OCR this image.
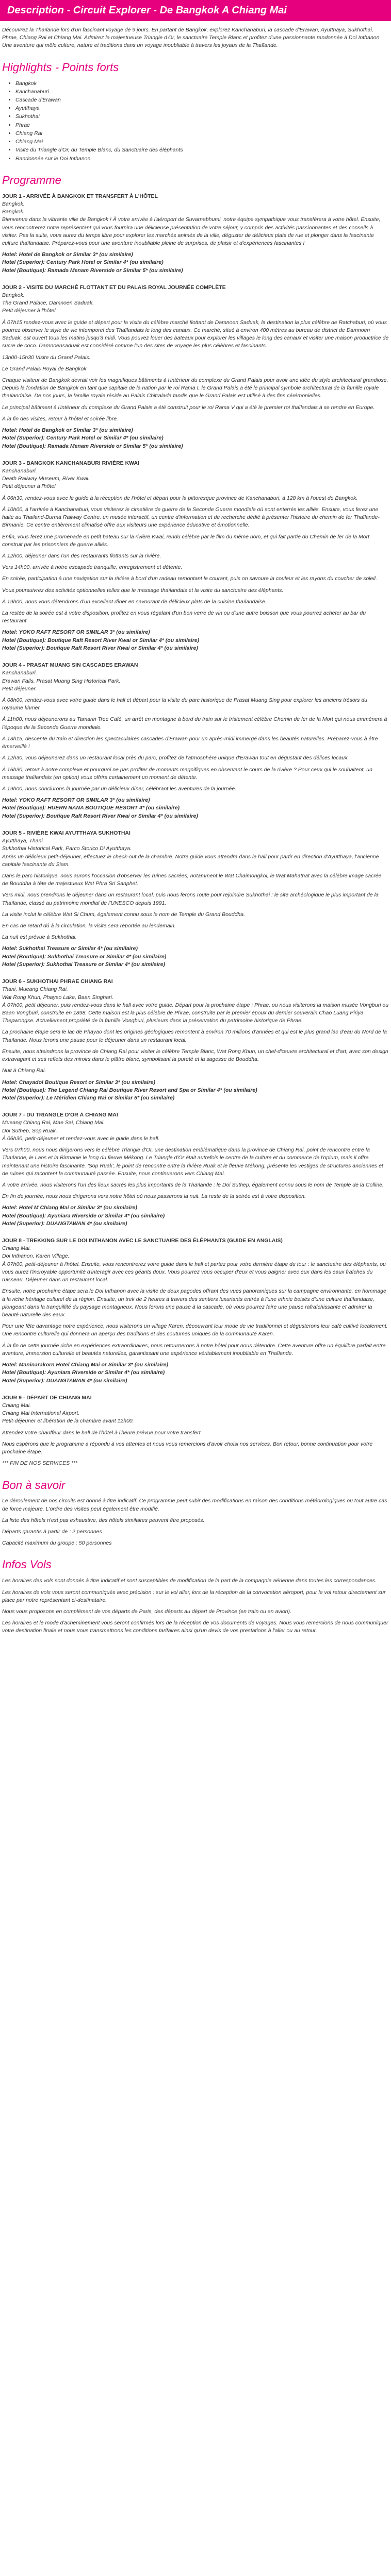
Description - Circuit Explorer - De Bangkok A Chiang Mai

Découvrez la Thaïlande lors d'un fascinant voyage de 9 jours. En partant de Bangkok, explorez Kanchanaburi, la cascade d'Erawan, Ayutthaya, Sukhothai, Phrae, Chiang Rai et Chiang Mai. Admirez la majestueuse Triangle d'Or, le sanctuaire Temple Blanc et profitez d'une passionnante randonnée à Doi Inthanon. Une aventure qui mêle culture, nature et traditions dans un voyage inoubliable à travers les joyaux de la Thaïlande.

Highlights - Points forts
• Bangkok
• Kanchanaburi
• Cascade d'Erawan
• Ayutthaya
• Sukhothai
• Phrae
• Chiang Rai
• Chiang Mai
• Visite du Triangle d'Or, du Temple Blanc, du Sanctuaire des éléphants
• Randonnée sur le Doi Inthanon
Programme

JOUR 1 - ARRIVÉE À BANGKOK ET TRANSFERT À L'HÔTEL

Bangkok.

Bangkok.

Bienvenue dans la vibrante ville de Bangkok ! À votre arrivée à l'aéroport de Suvarnabhumi, notre équipe sympathique vous transférera à votre hôtel. Ensuite, vous rencontrerez notre représentant qui vous fournira une délicieuse présentation de votre séjour, y compris des activités passionnantes et des conseils à visiter. Pas la suite, vous aurez du temps libre pour explorer les marchés animés de la ville, déguster de délicieux plats de rue et plonger dans la fascinante culture thaïlandaise. Préparez-vous pour une aventure inoubliable pleine de surprises, de plaisir et d'expériences fascinantes !

Hotel: Hotel de Bangkok or Similar 3* (ou similaire)
Hotel (Superior): Century Park Hotel or Similar 4* (ou similaire)
Hotel (Boutique): Ramada Menam Riverside or Similar 5* (ou similaire)

JOUR 2 - VISITE DU MARCHÉ FLOTTANT ET DU PALAIS ROYAL JOURNÉE COMPLÈTE

Bangkok.

The Grand Palace, Damnoen Saduak.

Petit déjeuner à l'hôtel

À 07h15 rendez-vous avec le guide et départ pour la visite du célèbre marché flottant de Damnoen Saduak, la destination la plus célèbre de Ratchaburi, où vous pourrez observer le style de vie intemporel des Thaïlandais le long des canaux. Ce marché, situé à environ 400 mètres au bureau de district de Damnoen Saduak, est ouvert tous les matins jusqu'à midi. Vous pouvez louer des bateaux pour explorer les villages le long des canaux et visiter une maison productrice de sucre de coco. Damnoensaduak est considéré comme l'un des sites de voyage les plus célèbres et fascinants.

13h00-15h30 Visite du Grand Palais.

Le Grand Palais Royal de Bangkok

Chaque visiteur de Bangkok devrait voir les magnifiques bâtiments à l'intérieur du complexe du Grand Palais pour avoir une idée du style architectural grandiose. Depuis la fondation de Bangkok en tant que capitale de la nation par le roi Rama I, le Grand Palais a été le principal symbole architectural de la famille royale thaïlandaise. De nos jours, la famille royale réside au Palais Chitralada tandis que le Grand Palais est utilisé à des fins cérémonielles.

Le principal bâtiment à l'intérieur du complexe du Grand Palais a été construit pour le roi Rama V qui a été le premier roi thaïlandais à se rendre en Europe.

À la fin des visites, retour à l'hôtel et soirée libre.

Hotel: Hotel de Bangkok or Similar 3* (ou similaire)
Hotel (Superior): Century Park Hotel or Similar 4* (ou similaire)
Hotel (Boutique): Ramada Menam Riverside or Similar 5* (ou similaire)

JOUR 3 - BANGKOK KANCHANABURI RIVIÈRE KWAI

Kanchanaburi.

Death Railway Museum, River Kwai.

Petit déjeuner à l'hôtel

À 06h30, rendez-vous avec le guide à la réception de l'hôtel et départ pour la pittoresque province de Kanchanaburi, à 128 km à l'ouest de Bangkok.

À 10h00, à l'arrivée à Kanchanaburi, vous visiterez le cimetière de guerre de la Seconde Guerre mondiale où sont enterrés les alliés. Ensuite, vous ferez une halte au Thailand-Burma Railway Centre, un musée interactif, un centre d'information et de recherche dédié à présenter l'histoire du chemin de fer Thaïlande-Birmanie. Ce centre entièrement climatisé offre aux visiteurs une expérience éducative et émotionnelle.

Enfin, vous ferez une promenade en petit bateau sur la rivière Kwai, rendu célèbre par le film du même nom, et qui fait partie du Chemin de fer de la Mort construit par les prisonniers de guerre alliés.

À 12h00, déjeuner dans l'un des restaurants flottants sur la rivière.

Vers 14h00, arrivée à notre escapade tranquille, enregistrement et détente.

En soirée, participation à une navigation sur la rivière à bord d'un radeau remontant le courant, puis on savoure la couleur et les rayons du coucher de soleil.

Vous poursuivrez des activités optionnelles telles que le massage thaïlandais et la visite du sanctuaire des éléphants.

À 19h00, nous vous détendrons d'un excellent dîner en savourant de délicieux plats de la cuisine thaïlandaise.

La restée de la soirée est à votre disposition, profitez en vous régalant d'un bon verre de vin ou d'une autre boisson que vous pourrez acheter au bar du restaurant.

Hotel: YOKO RAFT RESORT OR SIMILAR 3* (ou similaire)
Hotel (Boutique): Boutique Raft Resort River Kwai or Similar 4* (ou similaire)
Hotel (Superior): Boutique Raft Resort River Kwai or Similar 4* (ou similaire)

JOUR 4 - PRASAT MUANG SIN CASCADES ERAWAN

Kanchanaburi.

Erawan Falls, Prasat Muang Sing Historical Park.

Petit déjeuner.

À 08h00, rendez-vous avec votre guide dans le hall et départ pour la visite du parc historique de Prasat Muang Sing pour explorer les anciens trésors du royaume khmer.

À 11h00, nous déjeunerons au Tamarin Tree Café, un arrêt en montagne à bord du train sur le tristement célèbre Chemin de fer de la Mort qui nous emmènera à l'époque de la Seconde Guerre mondiale.

À 13h15, descente du train et direction les spectaculaires cascades d'Erawan pour un après-midi immergé dans les beautés naturelles. Préparez-vous à être émerveillé !

À 12h30, vous déjeunerez dans un restaurant local près du parc, profitez de l'atmosphère unique d'Erawan tout en dégustant des délices locaux.

À 16h30, retour à notre complexe et pourquoi ne pas profiter de moments magnifiques en observant le cours de la rivière ? Pour ceux qui le souhaitent, un massage thaïlandais (en option) vous offrira certainement un moment de détente.

À 19h00, nous conclurons la journée par un délicieux dîner, célébrant les aventures de la journée.

Hotel: YOKO RAFT RESORT OR SIMILAR 3* (ou similaire)
Hotel (Boutique): HUERN NANA BOUTIQUE RESORT 4* (ou similaire)
Hotel (Superior): Boutique Raft Resort River Kwai or Similar 4* (ou similaire)

JOUR 5 - RIVIÈRE KWAI AYUTTHAYA SUKHOTHAI

Ayutthaya, Thani.

Sukhothai Historical Park, Parco Storico Di Ayutthaya.

Après un délicieux petit-déjeuner, effectuez le check-out de la chambre. Notre guide vous attendra dans le hall pour partir en direction d'Ayutthaya, l'ancienne capitale fascinante du Siam.

Dans le parc historique, nous aurons l'occasion d'observer les ruines sacrées, notamment le Wat Chaimongkol, le Wat Mahathat avec la célèbre image sacrée de Bouddha à tête de majestueux Wat Phra Sri Sanphet.

Vers midi, nous prendrons le déjeuner dans un restaurant local, puis nous ferons route pour rejoindre Sukhothai : le site archéologique le plus important de la Thaïlande, classé au patrimoine mondial de l'UNESCO depuis 1991.

La visite inclut le célèbre Wat Si Chum, également connu sous le nom de Temple du Grand Bouddha.

En cas de retard dû à la circulation, la visite sera reportée au lendemain.

La nuit est prévue à Sukhothai.

Hotel: Sukhothai Treasure or Similar 4* (ou similaire)
Hotel (Boutique): Sukhothai Treasure or Similar 4* (ou similaire)
Hotel (Superior): Sukhothai Treasure or Similar 4* (ou similaire)

JOUR 6 - SUKHOTHAI PHRAE CHIANG RAI

Thani, Mueang Chiang Rai.

Wat Rong Khun, Phayao Lake, Baan Singhari.

À 07h00, petit déjeuner, puis rendez-vous dans le hall avec votre guide. Départ pour la prochaine étape : Phrae, ou nous visiterons la maison musée Vongburi ou Baan Vongburi, construite en 1898. Cette maison est la plus célèbre de Phrae, construite par le premier époux du dernier souverain Chao Luang Piriya Thepwongse. Actuellement propriété de la famille Vongburi, plusieurs dans la préservation du patrimoine historique de Phrae.

La prochaine étape sera le lac de Phayao dont les origines géologiques remontent à environ 70 millions d'années et qui est le plus grand lac d'eau du Nord de la Thaïlande. Nous ferons une pause pour le déjeuner dans un restaurant local.

Ensuite, nous atteindrons la province de Chiang Rai pour visiter le célèbre Temple Blanc, Wat Rong Khun, un chef-d'œuvre architectural et d'art, avec son design extravagant et ses reflets des miroirs dans le plâtre blanc, symbolisant la pureté et la sagesse de Bouddha.

Nuit à Chiang Rai.

Hotel: Chayadol Boutique Resort or Similar 3* (ou similaire)
Hotel (Boutique): The Legend Chiang Rai Boutique River Resort and Spa or Similar 4* (ou similaire)
Hotel (Superior): Le Méridien Chiang Rai or Similar 5* (ou similaire)

JOUR 7 - DU TRIANGLE D'OR À CHIANG MAI

Mueang Chiang Rai, Mae Sai, Chiang Mai.

Doi Suthep, Sop Ruak.

À 06h30, petit-déjeuner et rendez-vous avec le guide dans le hall.

Vers 07h00, nous nous dirigerons vers le célèbre Triangle d'Or, une destination emblématique dans la province de Chiang Rai, point de rencontre entre la Thaïlande, le Laos et la Birmanie le long du fleuve Mékong. Le Triangle d'Or était autrefois le centre de la culture et du commerce de l'opium, mais il offre maintenant une histoire fascinante. 'Sop Ruak', le point de rencontre entre la rivière Ruak et le fleuve Mékong, présente les vestiges de structures anciennes et de ruines qui racontent la communauté passée. Ensuite, nous continuerons vers Chiang Mai.

À votre arrivée, nous visiterons l'un des lieux sacrés les plus importants de la Thaïlande : le Doi Suthep, également connu sous le nom de Temple de la Colline.

En fin de journée, nous nous dirigerons vers notre hôtel où nous passerons la nuit. La reste de la soirée est à votre disposition.

Hotel: Hotel M Chiang Mai or Similar 3* (ou similaire)
Hotel (Boutique): Ayuniara Riverside or Similar 4* (ou similaire)
Hotel (Superior): DUANGTAWAN 4* (ou similaire)

JOUR 8 - TREKKING SUR LE DOI INTHANON AVEC LE SANCTUAIRE DES ÉLÉPHANTS (GUIDE EN ANGLAIS)

Chiang Mai.

Doi Inthanon, Karen Village.

À 07h00, petit-déjeuner à l'hôtel. Ensuite, vous rencontrerez votre guide dans le hall et partez pour votre dernière étape du tour : le sanctuaire des éléphants, ou vous aurez l'incroyable opportunité d'interagir avec ces géants doux. Vous pourrez vous occuper d'eux et vous baigner avec eux dans les eaux fraîches du ruisseau. Déjeuner dans un restaurant local.

Ensuite, notre prochaine étape sera le Doi Inthanon avec la visite de deux pagodes offrant des vues panoramiques sur la campagne environnante, en hommage à la riche héritage culturel de la région. Ensuite, un trek de 2 heures à travers des sentiers luxuriants entrés à l'une ethnie boisés d'une culture thaïlandaise, plongeant dans la tranquillité du paysage montagneux. Nous ferons une pause à la cascade, où vous pourrez faire une pause rafraîchissante et admirer la beauté naturelle des eaux.

Pour une fête davantage notre expérience, nous visiterons un village Karen, découvrant leur mode de vie traditionnel et dégusterons leur café cultivé localement. Une rencontre culturelle qui donnera un aperçu des traditions et des coutumes uniques de la communauté Karen.

À la fin de cette journée riche en expériences extraordinaires, nous retournerons à notre hôtel pour nous détendre. Cette aventure offre un équilibre parfait entre aventure, immersion culturelle et beautés naturelles, garantissant une expérience véritablement inoubliable en Thaïlande.

Hotel: Maninarakorn Hotel Chiang Mai or Similar 3* (ou similaire)
Hotel (Boutique): Ayuniara Riverside or Similar 4* (ou similaire)
Hotel (Superior): DUANGTAWAN 4* (ou similaire)

JOUR 9 - DÉPART DE CHIANG MAI

Chiang Mai.

Chiang Mai International Airport.

Petit-déjeuner et libération de la chambre avant 12h00.

Attendez votre chauffeur dans le hall de l'hôtel à l'heure prévue pour votre transfert.

Nous espérons que le programme a répondu à vos attentes et nous vous remercions d'avoir choisi nos services. Bon retour, bonne continuation pour votre prochaine étape.

*** FIN DE NOS SERVICES ***

Bon à savoir

Le déroulement de nos circuits est donné à titre indicatif. Ce programme peut subir des modifications en raison des conditions météorologiques ou tout autre cas de force majeure. L'ordre des visites peut également être modifié.

La liste des hôtels n'est pas exhaustive, des hôtels similaires peuvent être proposés.

Départs garantis à partir de : 2 personnes

Capacité maximum du groupe : 50 personnes

Infos Vols

Les horaires des vols sont donnés à titre indicatif et sont susceptibles de modification de la part de la compagnie aérienne dans toutes les correspondances.

Les horaires de vols vous seront communiqués avec précision : sur le vol aller, lors de la réception de la convocation aéroport, pour le vol retour directement sur place par notre représentant ci-destinataire.

Nous vous proposons en complément de vos départs de Paris, des départs au départ de Province (en train ou en avion).

Les horaires et le mode d'acheminement vous seront confirmés lors de la réception de vos documents de voyages. Nous vous remercions de nous communiquer votre destination finale et nous vous transmettrons les conditions tarifaires ainsi qu'un devis de vos prestations à l'aller ou au retour.
